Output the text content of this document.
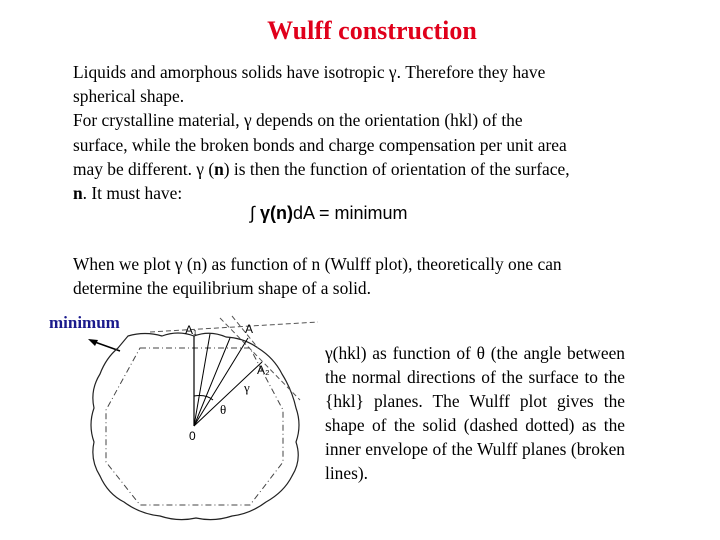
Wulff construction
Liquids and amorphous solids have isotropic γ. Therefore they have
spherical shape.
For crystalline material, γ depends on the orientation (hkl) of the
surface, while the broken bonds and charge compensation per unit area
may be different. γ (n) is then the function of orientation of the surface,
n. It must have:
∫ γ(n)dA = minimum
When we plot γ (n) as function of n (Wulff plot), theoretically one can
determine the equilibrium shape of a solid.
minimum	A₁	A
A₂
γ
θ
0
γ(hkl) as function of θ (the angle between the normal directions of the surface to the {hkl} planes. The Wulff plot gives the shape of the solid (dashed dotted) as the inner envelope of the Wulff planes (broken lines).
